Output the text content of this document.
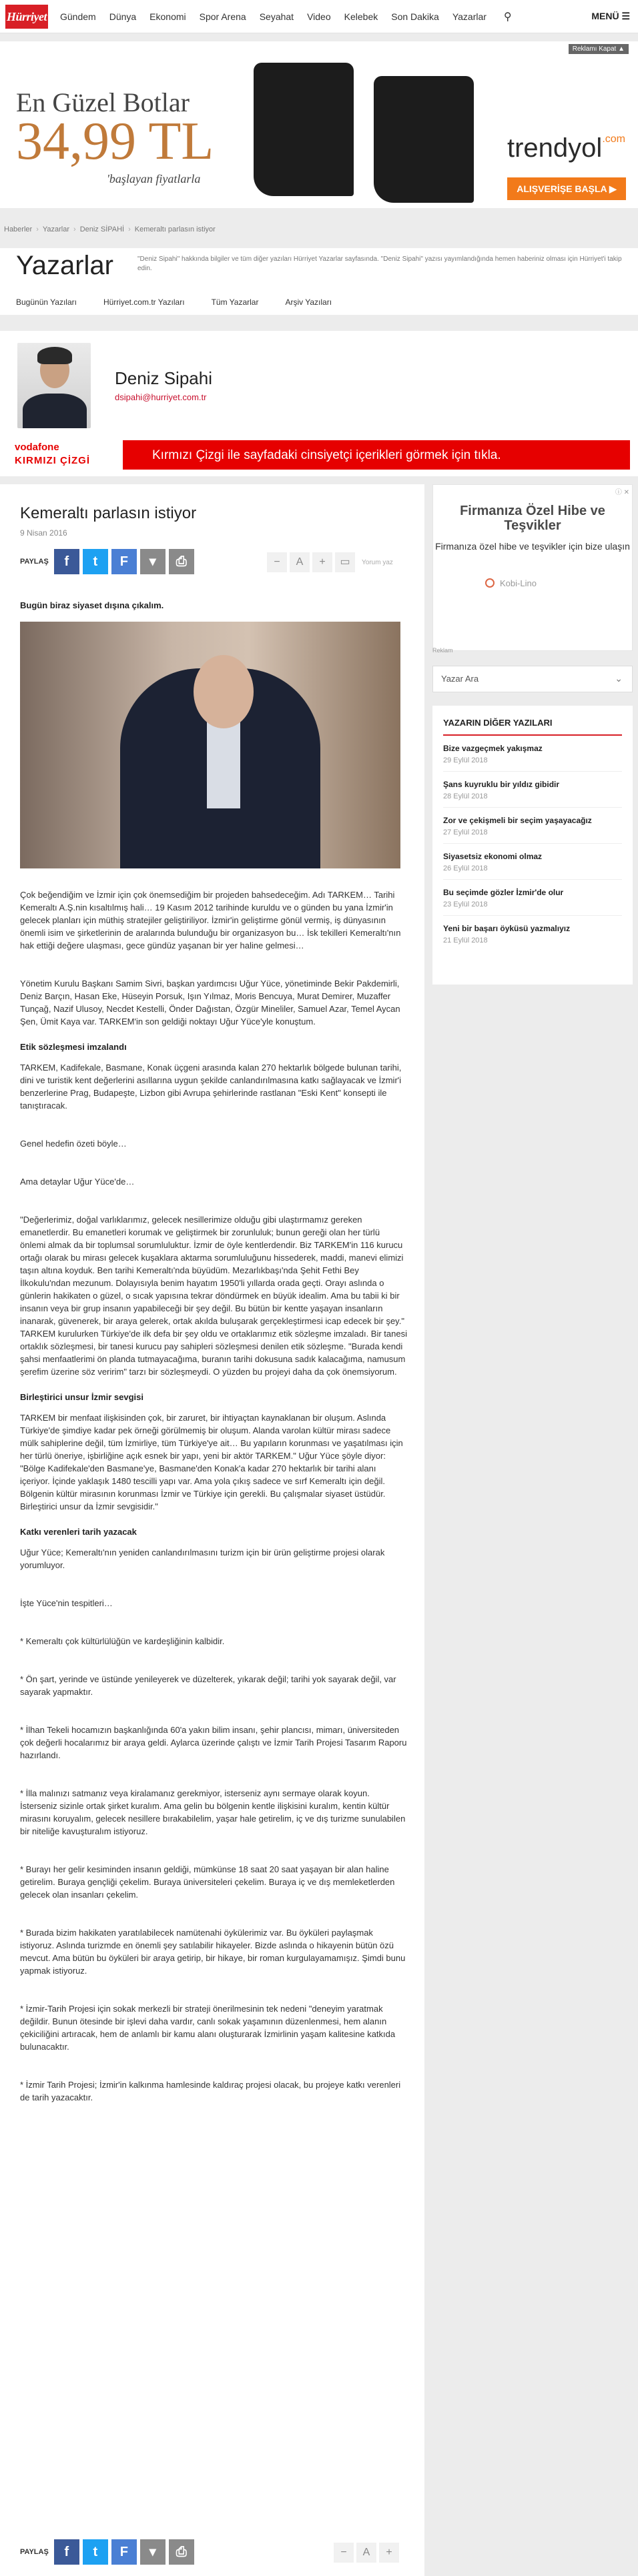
Hürriyet Gündem Dünya Ekonomi Spor Arena Seyahat Video Kelebek Son Dakika Yazarlar ⚲	MENÜ ☰
Reklamı Kapat ▲
En Güzel Botlar
34,99 TL
'başlayan fiyatlarla
trendyol$^{.com}$
ALIŞVERİŞE BAŞLA ▶
Haberler › Yazarlar › Deniz SİPAHİ › Kemeraltı parlasın istiyor
Yazarlar	"Deniz Sipahi" hakkında bilgiler ve tüm diğer yazıları Hürriyet Yazarlar sayfasında. "Deniz Sipahi" yazısı yayımlandığında hemen haberiniz olması için Hürriyet'i takip edin.
Bugünün Yazıları	Hürriyet.com.tr Yazıları	Tüm Yazarlar	Arşiv Yazıları
Deniz Sipahi
dsipahi@hurriyet.com.tr
vodafone
KIRMIZI ÇİZGİ	Kırmızı Çizgi ile sayfadaki cinsiyetçi içerikleri görmek için tıkla.
Kemeraltı parlasın istiyor
9 Nisan 2016
PAYLAŞ	f	t	F	▾	⎙	−	A	+	▭	Yorum yaz
Bugün biraz siyaset dışına çıkalım.

Çok beğendiğim ve İzmir için çok önemsediğim bir projeden bahsedeceğim. Adı TARKEM… Tarihi Kemeraltı A.Ş.nin kısaltılmış hali… 19 Kasım 2012 tarihinde kuruldu ve o günden bu yana İzmir'in gelecek planları için müthiş stratejiler geliştiriliyor. İzmir'in geliştirme gönül vermiş, iş dünyasının önemli isim ve şirketlerinin de aralarında bulunduğu bir organizasyon bu… İsk tekilleri Kemeraltı'nın hak ettiği değere ulaşması, gece gündüz yaşanan bir yer haline gelmesi…

Yönetim Kurulu Başkanı Samim Sivri, başkan yardımcısı Uğur Yüce, yönetiminde Bekir Pakdemirli, Deniz Barçın, Hasan Eke, Hüseyin Porsuk, Işın Yılmaz, Moris Bencuya, Murat Demirer, Muzaffer Tunçağ, Nazif Ulusoy, Necdet Kestelli, Önder Dağıstan, Özgür Mineliler, Samuel Azar, Temel Aycan Şen, Ümit Kaya var. TARKEM'in son geldiği noktayı Uğur Yüce'yle konuştum.

Etik sözleşmesi imzalandı

TARKEM, Kadifekale, Basmane, Konak üçgeni arasında kalan 270 hektarlık bölgede bulunan tarihi, dini ve turistik kent değerlerini asıllarına uygun şekilde canlandırılmasına katkı sağlayacak ve İzmir'i benzerlerine Prag, Budapeşte, Lizbon gibi Avrupa şehirlerinde rastlanan "Eski Kent" konsepti ile tanıştıracak.

Genel hedefin özeti böyle…

Ama detaylar Uğur Yüce'de…

"Değerlerimiz, doğal varlıklarımız, gelecek nesillerimize olduğu gibi ulaştırmamız gereken emanetlerdir. Bu emanetleri korumak ve geliştirmek bir zorunluluk; bunun gereği olan her türlü önlemi almak da bir toplumsal sorumluluktur. İzmir de öyle kentlerdendir. Biz TARKEM'in 116 kurucu ortağı olarak bu mirası gelecek kuşaklara aktarma sorumluluğunu hissederek, maddi, manevi elimizi taşın altına koyduk. Ben tarihi Kemeraltı'nda büyüdüm. Mezarlıkbaşı'nda Şehit Fethi Bey İlkokulu'ndan mezunum. Dolayısıyla benim hayatım 1950'li yıllarda orada geçti. Orayı aslında o günlerin hakikaten o güzel, o sıcak yapısına tekrar döndürmek en büyük idealim. Ama bu tabii ki bir insanın veya bir grup insanın yapabileceği bir şey değil. Bu bütün bir kentte yaşayan insanların inanarak, güvenerek, bir araya gelerek, ortak akılda buluşarak gerçekleştirmesi icap edecek bir şey." TARKEM kurulurken Türkiye'de ilk defa bir şey oldu ve ortaklarımız etik sözleşme imzaladı. Bir tanesi ortaklık sözleşmesi, bir tanesi kurucu pay sahipleri sözleşmesi denilen etik sözleşme. "Burada kendi şahsi menfaatlerimi ön planda tutmayacağıma, buranın tarihi dokusuna sadık kalacağıma, namusum şerefim üzerine söz veririm" tarzı bir sözleşmeydi. O yüzden bu projeyi daha da çok önemsiyorum.

Birleştirici unsur İzmir sevgisi

TARKEM bir menfaat ilişkisinden çok, bir zaruret, bir ihtiyaçtan kaynaklanan bir oluşum. Aslında Türkiye'de şimdiye kadar pek örneği görülmemiş bir oluşum. Alanda varolan kültür mirası sadece mülk sahiplerine değil, tüm İzmirliye, tüm Türkiye'ye ait… Bu yapıların korunması ve yaşatılması için her türlü öneriye, işbirliğine açık esnek bir yapı, yeni bir aktör TARKEM." Uğur Yüce şöyle diyor: "Bölge Kadifekale'den Basmane'ye, Basmane'den Konak'a kadar 270 hektarlık bir tarihi alanı içeriyor. İçinde yaklaşık 1480 tescilli yapı var. Ama yola çıkış sadece ve sırf Kemeraltı için değil. Bölgenin kültür mirasının korunması İzmir ve Türkiye için gerekli. Bu çalışmalar siyaset üstüdür. Birleştirici unsur da İzmir sevgisidir."

Katkı verenleri tarih yazacak

Uğur Yüce; Kemeraltı'nın yeniden canlandırılmasını turizm için bir ürün geliştirme projesi olarak yorumluyor.

İşte Yüce'nin tespitleri…

* Kemeraltı çok kültürlülüğün ve kardeşliğinin kalbidir.

* Ön şart, yerinde ve üstünde yenileyerek ve düzelterek, yıkarak değil; tarihi yok sayarak değil, var sayarak yapmaktır.

* İlhan Tekeli hocamızın başkanlığında 60'a yakın bilim insanı, şehir plancısı, mimarı, üniversiteden çok değerli hocalarımız bir araya geldi. Aylarca üzerinde çalıştı ve İzmir Tarih Projesi Tasarım Raporu hazırlandı.

* İlla malınızı satmanız veya kiralamanız gerekmiyor, isterseniz aynı sermaye olarak koyun. İsterseniz sizinle ortak şirket kuralım. Ama gelin bu bölgenin kentle ilişkisini kuralım, kentin kültür mirasını koruyalım, gelecek nesillere bırakabilelim, yaşar hale getirelim, iç ve dış turizme sunulabilen bir niteliğe kavuşturalım istiyoruz.

* Burayı her gelir kesiminden insanın geldiği, mümkünse 18 saat 20 saat yaşayan bir alan haline getirelim. Buraya gençliği çekelim. Buraya üniversiteleri çekelim. Buraya iç ve dış memleketlerden gelecek olan insanları çekelim.

* Burada bizim hakikaten yaratılabilecek namütenahi öykülerimiz var. Bu öyküleri paylaşmak istiyoruz. Aslında turizmde en önemli şey satılabilir hikayeler. Bizde aslında o hikayenin bütün özü mevcut. Ama bütün bu öyküleri bir araya getirip, bir hikaye, bir roman kurgulayamamışız. Şimdi bunu yapmak istiyoruz.

* İzmir-Tarih Projesi için sokak merkezli bir strateji önerilmesinin tek nedeni "deneyim yaratmak değildir. Bunun ötesinde bir işlevi daha vardır, canlı sokak yaşamının düzenlenmesi, hem alanın çekiciliğini artıracak, hem de anlamlı bir kamu alanı oluşturarak İzmirlinin yaşam kalitesine katkıda bulunacaktır.

* İzmir Tarih Projesi; İzmir'in kalkınma hamlesinde kaldıraç projesi olacak, bu projeye katkı verenleri de tarih yazacaktır.

PAYLAŞ	f	t	F	▾	⎙	−	A	+
ⓘ ✕
Firmanıza Özel Hibe ve Teşvikler
Firmanıza özel hibe ve teşvikler için bize ulaşın
Kobi-Lino
Reklam
Yazar Ara	⌄
YAZARIN DİĞER YAZILARI
Bize vazgeçmek yakışmaz
29 Eylül 2018
Şans kuyruklu bir yıldız gibidir
28 Eylül 2018
Zor ve çekişmeli bir seçim yaşayacağız
27 Eylül 2018
Siyasetsiz ekonomi olmaz
26 Eylül 2018
Bu seçimde gözler İzmir'de olur
23 Eylül 2018
Yeni bir başarı öyküsü yazmalıyız
21 Eylül 2018
